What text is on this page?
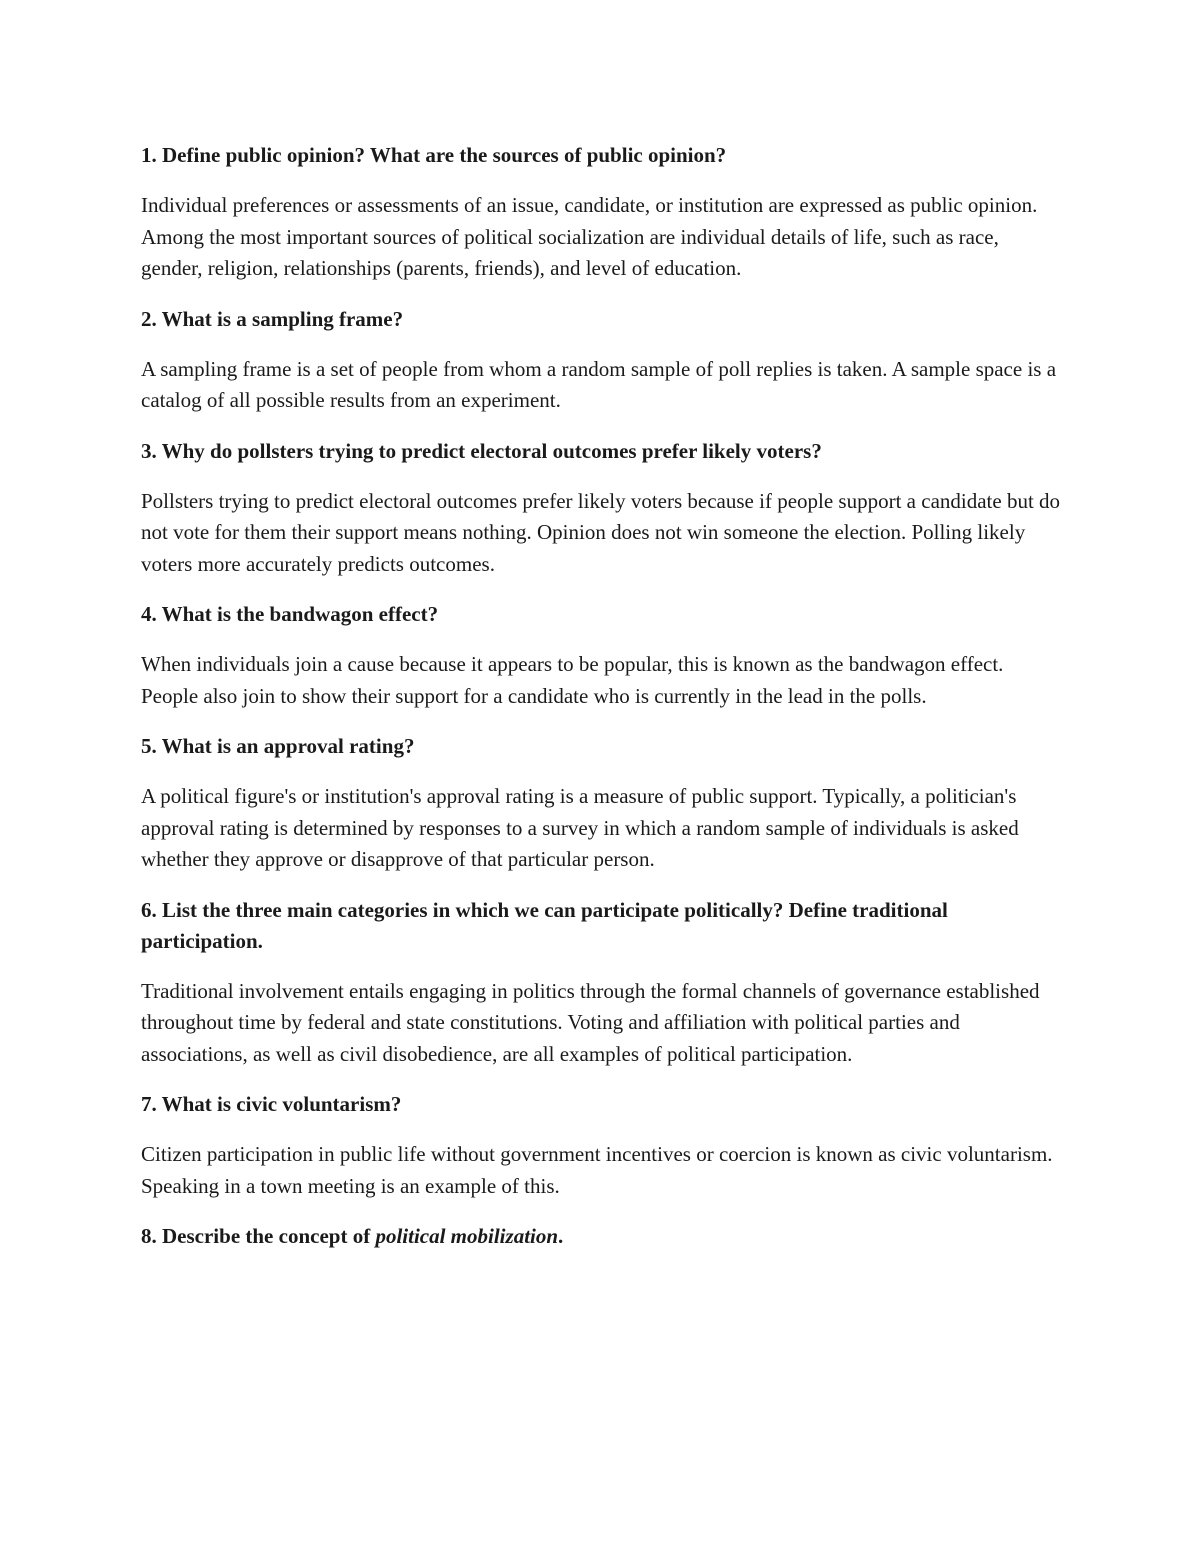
1. Define public opinion? What are the sources of public opinion?

Individual preferences or assessments of an issue, candidate, or institution are expressed as public opinion. Among the most important sources of political socialization are individual details of life, such as race, gender, religion, relationships (parents, friends), and level of education.

2. What is a sampling frame?

A sampling frame is a set of people from whom a random sample of poll replies is taken. A sample space is a catalog of all possible results from an experiment.

3. Why do pollsters trying to predict electoral outcomes prefer likely voters?

Pollsters trying to predict electoral outcomes prefer likely voters because if people support a candidate but do not vote for them their support means nothing. Opinion does not win someone the election. Polling likely voters more accurately predicts outcomes.

4. What is the bandwagon effect?

When individuals join a cause because it appears to be popular, this is known as the bandwagon effect. People also join to show their support for a candidate who is currently in the lead in the polls.

5. What is an approval rating?

A political figure's or institution's approval rating is a measure of public support. Typically, a politician's approval rating is determined by responses to a survey in which a random sample of individuals is asked whether they approve or disapprove of that particular person.

6. List the three main categories in which we can participate politically? Define traditional participation.

Traditional involvement entails engaging in politics through the formal channels of governance established throughout time by federal and state constitutions. Voting and affiliation with political parties and associations, as well as civil disobedience, are all examples of political participation.

7. What is civic voluntarism?

Citizen participation in public life without government incentives or coercion is known as civic voluntarism. Speaking in a town meeting is an example of this.

8. Describe the concept of political mobilization.
